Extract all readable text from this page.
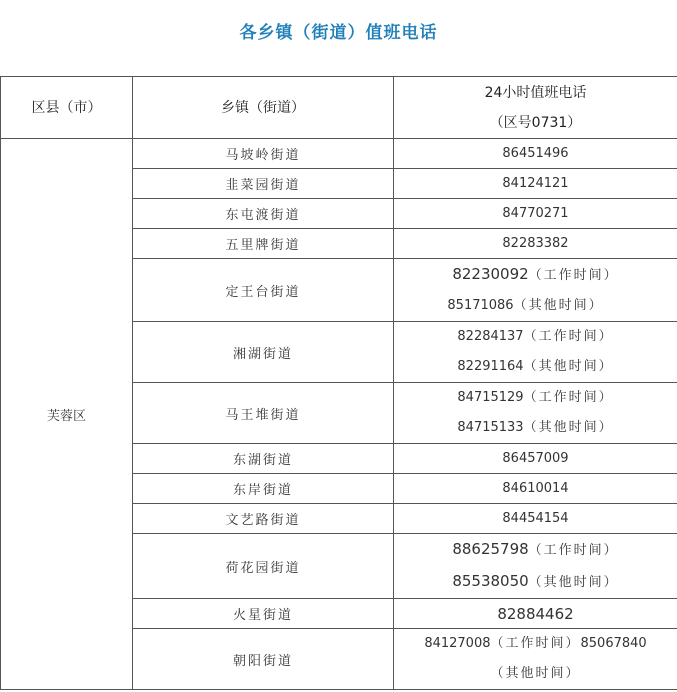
各乡镇（街道）值班电话
区县（市）	乡镇（街道）	24小时值班电话
（区号0731）

芙蓉区	马坡岭街道	86451496
	韭菜园街道	84124121
	东屯渡街道	84770271
	五里牌街道	82283382
	定王台街道	82230092（工作时间）
85171086（其他时间）

	湘湖街道	82284137（工作时间）
82291164（其他时间）

	马王堆街道	84715129（工作时间）
84715133（其他时间）

	东湖街道	86457009
	东岸街道	84610014
	文艺路街道	84454154
	荷花园街道	88625798（工作时间）
85538050（其他时间）

	火星街道	82884462
	朝阳街道	84127008（工作时间）85067840
（其他时间）
